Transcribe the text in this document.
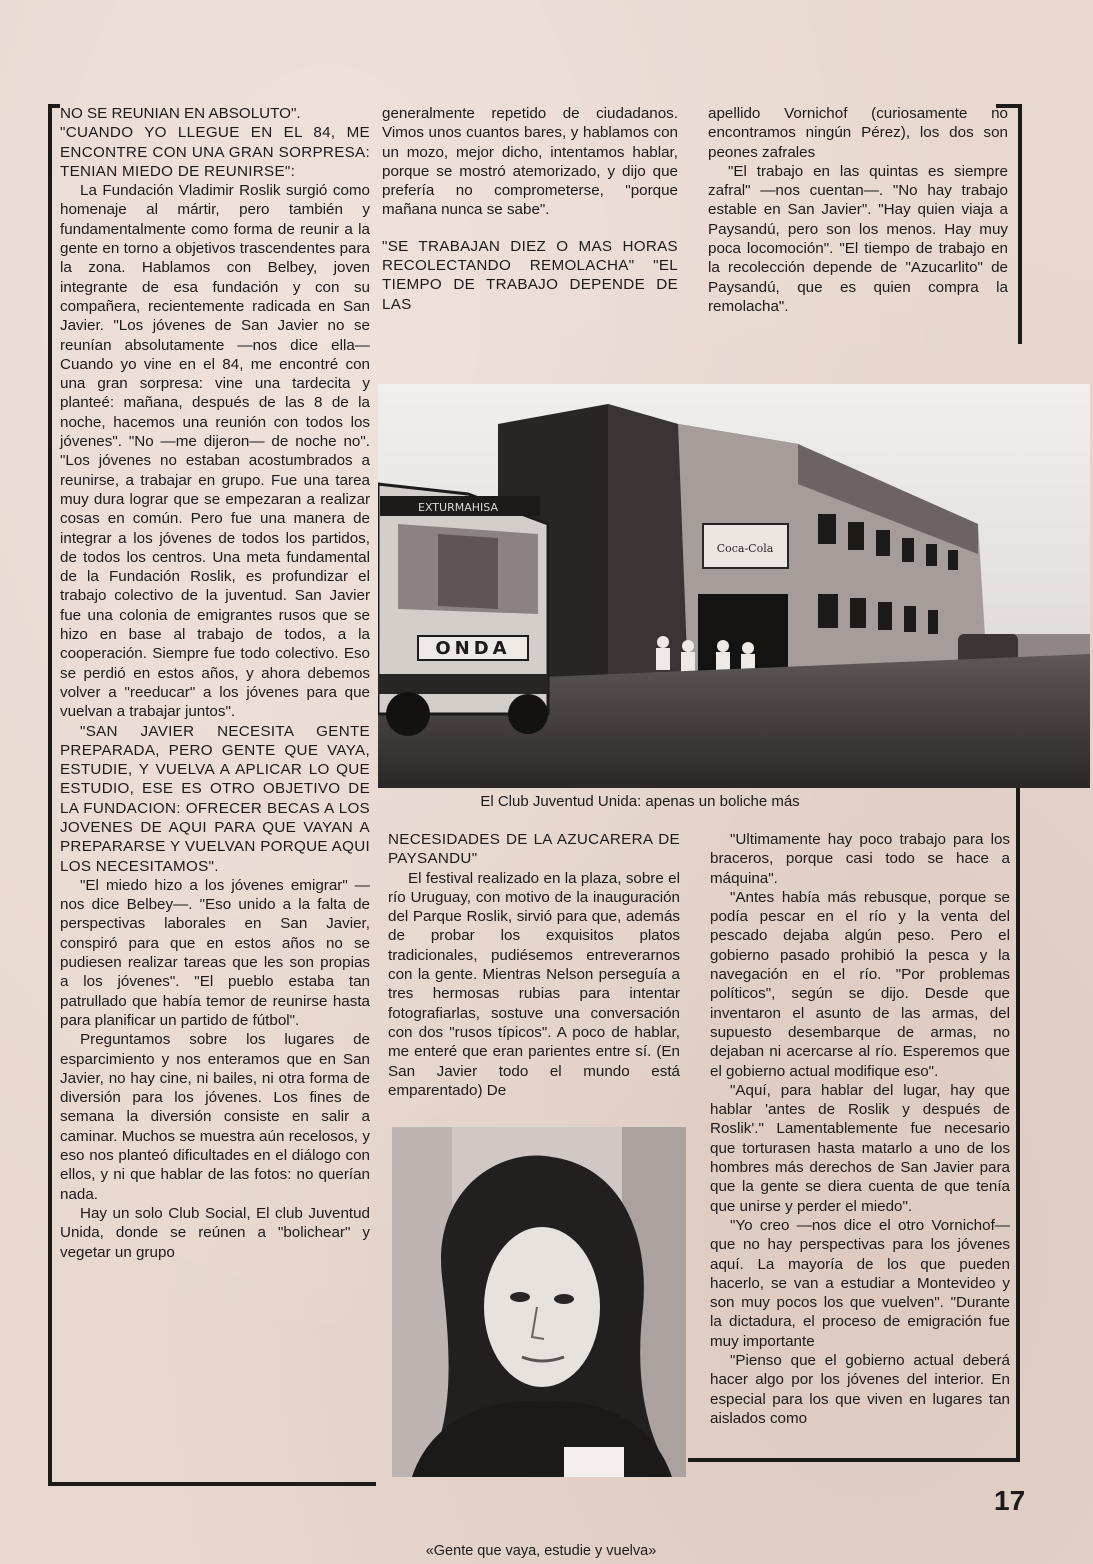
NO SE REUNIAN EN ABSOLUTO".

"CUANDO YO LLEGUE EN EL 84, ME ENCONTRE CON UNA GRAN SORPRESA: TENIAN MIEDO DE REUNIRSE":

La Fundación Vladimir Roslik surgió como homenaje al mártir, pero también y fundamentalmente como forma de reunir a la gente en torno a objetivos trascendentes para la zona. Hablamos con Belbey, joven integrante de esa fundación y con su compañera, recientemente radicada en San Javier. "Los jóvenes de San Javier no se reunían absolutamente —nos dice ella— Cuando yo vine en el 84, me encontré con una gran sorpresa: vine una tardecita y planteé: mañana, después de las 8 de la noche, hacemos una reunión con todos los jóvenes". "No —me dijeron— de noche no". "Los jóvenes no estaban acostumbrados a reunirse, a trabajar en grupo. Fue una tarea muy dura lograr que se empezaran a realizar cosas en común. Pero fue una manera de integrar a los jóvenes de todos los partidos, de todos los centros. Una meta fundamental de la Fundación Roslik, es profundizar el trabajo colectivo de la juventud. San Javier fue una colonia de emigrantes rusos que se hizo en base al trabajo de todos, a la cooperación. Siempre fue todo colectivo. Eso se perdió en estos años, y ahora debemos volver a "reeducar" a los jóvenes para que vuelvan a trabajar juntos".

"SAN JAVIER NECESITA GENTE PREPARADA, PERO GENTE QUE VAYA, ESTUDIE, Y VUELVA A APLICAR LO QUE ESTUDIO, ESE ES OTRO OBJETIVO DE LA FUNDACION: OFRECER BECAS A LOS JOVENES DE AQUI PARA QUE VAYAN A PREPARARSE Y VUELVAN PORQUE AQUI LOS NECESITAMOS".

"El miedo hizo a los jóvenes emigrar" —nos dice Belbey—. "Eso unido a la falta de perspectivas laborales en San Javier, conspiró para que en estos años no se pudiesen realizar tareas que les son propias a los jóvenes". "El pueblo estaba tan patrullado que había temor de reunirse hasta para planificar un partido de fútbol".

Preguntamos sobre los lugares de esparcimiento y nos enteramos que en San Javier, no hay cine, ni bailes, ni otra forma de diversión para los jóvenes. Los fines de semana la diversión consiste en salir a caminar. Muchos se muestra aún recelosos, y eso nos planteó dificultades en el diálogo con ellos, y ni que hablar de las fotos: no querían nada.

Hay un solo Club Social, El club Juventud Unida, donde se reúnen a "bolichear" y vegetar un grupo

generalmente repetido de ciudadanos. Vimos unos cuantos bares, y hablamos con un mozo, mejor dicho, intentamos hablar, porque se mostró atemorizado, y dijo que prefería no comprometerse, "porque mañana nunca se sabe".

"SE TRABAJAN DIEZ O MAS HORAS RECOLECTANDO REMOLACHA" "EL TIEMPO DE TRABAJO DEPENDE DE LAS

apellido Vornichof (curiosamente no encontramos ningún Pérez), los dos son peones zafrales

"El trabajo en las quintas es siempre zafral" —nos cuentan—. "No hay trabajo estable en San Javier". "Hay quien viaja a Paysandú, pero son los menos. Hay muy poca locomoción". "El tiempo de trabajo en la recolección depende de "Azucarlito" de Paysandú, que es quien compra la remolacha".

Coca-Cola
EXTURMAHISA
ONDA
El Club Juventud Unida: apenas un boliche más

NECESIDADES DE LA AZUCARERA DE PAYSANDU"

El festival realizado en la plaza, sobre el río Uruguay, con motivo de la inauguración del Parque Roslik, sirvió para que, además de probar los exquisitos platos tradicionales, pudiésemos entreverarnos con la gente. Mientras Nelson perseguía a tres hermosas rubias para intentar fotografiarlas, sostuve una conversación con dos "rusos típicos". A poco de hablar, me enteré que eran parientes entre sí. (En San Javier todo el mundo está emparentado) De

"Ultimamente hay poco trabajo para los braceros, porque casi todo se hace a máquina".

"Antes había más rebusque, porque se podía pescar en el río y la venta del pescado dejaba algún peso. Pero el gobierno pasado prohibió la pesca y la navegación en el río. "Por problemas políticos", según se dijo. Desde que inventaron el asunto de las armas, del supuesto desembarque de armas, no dejaban ni acercarse al río. Esperemos que el gobierno actual modifique eso".

"Aquí, para hablar del lugar, hay que hablar 'antes de Roslik y después de Roslik'." Lamentablemente fue necesario que torturasen hasta matarlo a uno de los hombres más derechos de San Javier para que la gente se diera cuenta de que tenía que unirse y perder el miedo".

"Yo creo —nos dice el otro Vornichof— que no hay perspectivas para los jóvenes aquí. La mayoría de los que pueden hacerlo, se van a estudiar a Montevideo y son muy pocos los que vuelven". "Durante la dictadura, el proceso de emigración fue muy importante

"Pienso que el gobierno actual deberá hacer algo por los jóvenes del interior. En especial para los que viven en lugares tan aislados como

«Gente que vaya, estudie y vuelva»
17
